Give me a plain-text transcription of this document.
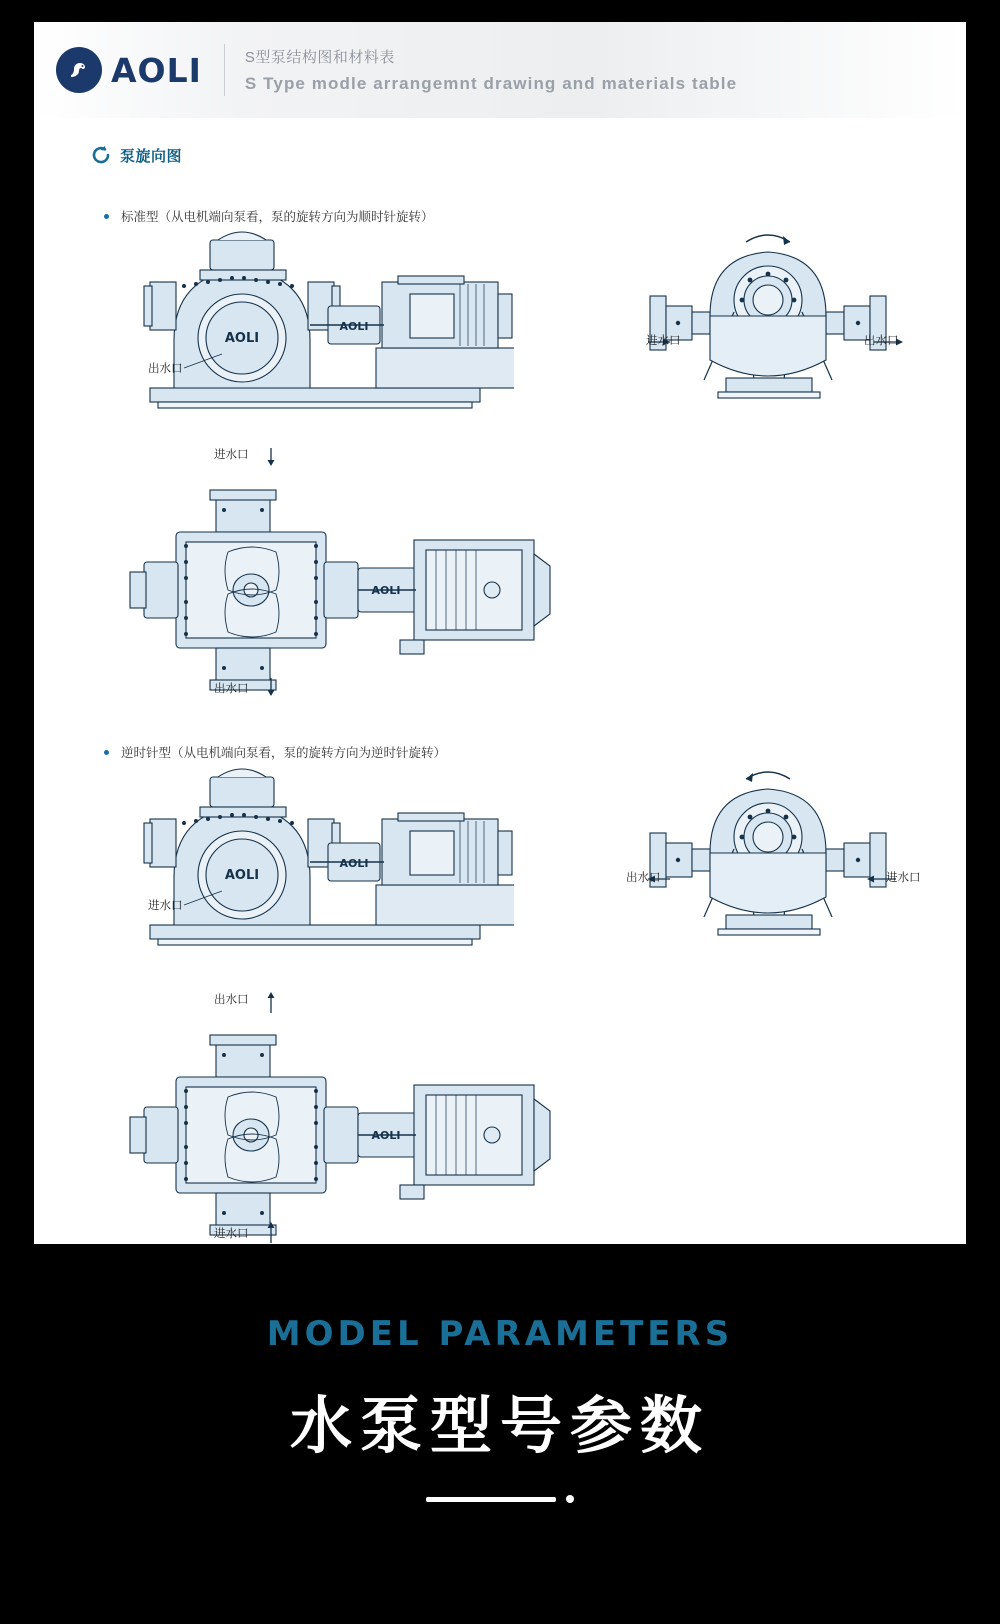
AOLI	S型泵结构图和材料表
S Type modle arrangemnt drawing and materials table
泵旋向图
标准型（从电机端向泵看，泵的旋转方向为顺时针旋转）
AOLI
AOLI
出水口
进水口	出水口
AOLI
进水口
出水口
逆时针型（从电机端向泵看，泵的旋转方向为逆时针旋转）
AOLI
AOLI
进水口
出水口	进水口
AOLI
出水口
进水口
MODEL PARAMETERS
水泵型号参数
